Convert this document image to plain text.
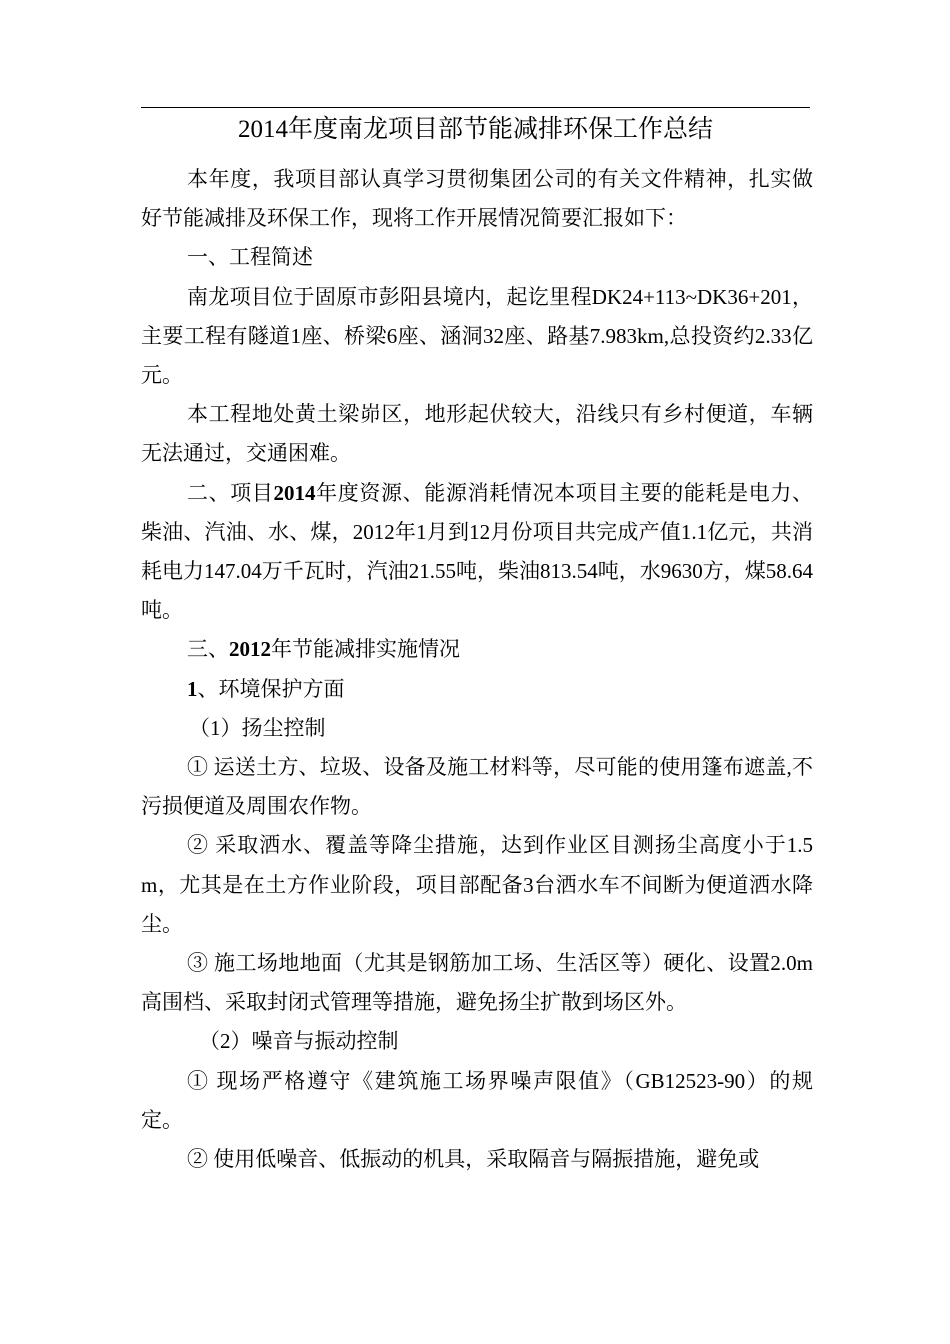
2014年度南龙项目部节能减排环保工作总结

本年度，我项目部认真学习贯彻集团公司的有关文件精神，扎实做好节能减排及环保工作，现将工作开展情况简要汇报如下：

一、工程简述

南龙项目位于固原市彭阳县境内，起讫里程DK24+113~DK36+201，主要工程有隧道1座、桥梁6座、涵洞32座、路基7.983km,总投资约2.33亿元。

本工程地处黄土梁峁区，地形起伏较大，沿线只有乡村便道，车辆无法通过，交通困难。

二、项目2014年度资源、能源消耗情况本项目主要的能耗是电力、柴油、汽油、水、煤，2012年1月到12月份项目共完成产值1.1亿元，共消耗电力147.04万千瓦时，汽油21.55吨，柴油813.54吨，水9630方，煤58.64吨。

三、2012年节能减排实施情况

1、环境保护方面

（1）扬尘控制

① 运送土方、垃圾、设备及施工材料等，尽可能的使用篷布遮盖,不污损便道及周围农作物。

② 采取洒水、覆盖等降尘措施，达到作业区目测扬尘高度小于1.5m，尤其是在土方作业阶段，项目部配备3台洒水车不间断为便道洒水降尘。

③ 施工场地地面（尤其是钢筋加工场、生活区等）硬化、设置2.0m高围档、采取封闭式管理等措施，避免扬尘扩散到场区外。

（2）噪音与振动控制

① 现场严格遵守《建筑施工场界噪声限值》（GB12523-90）的规定。

② 使用低噪音、低振动的机具，采取隔音与隔振措施，避免或
